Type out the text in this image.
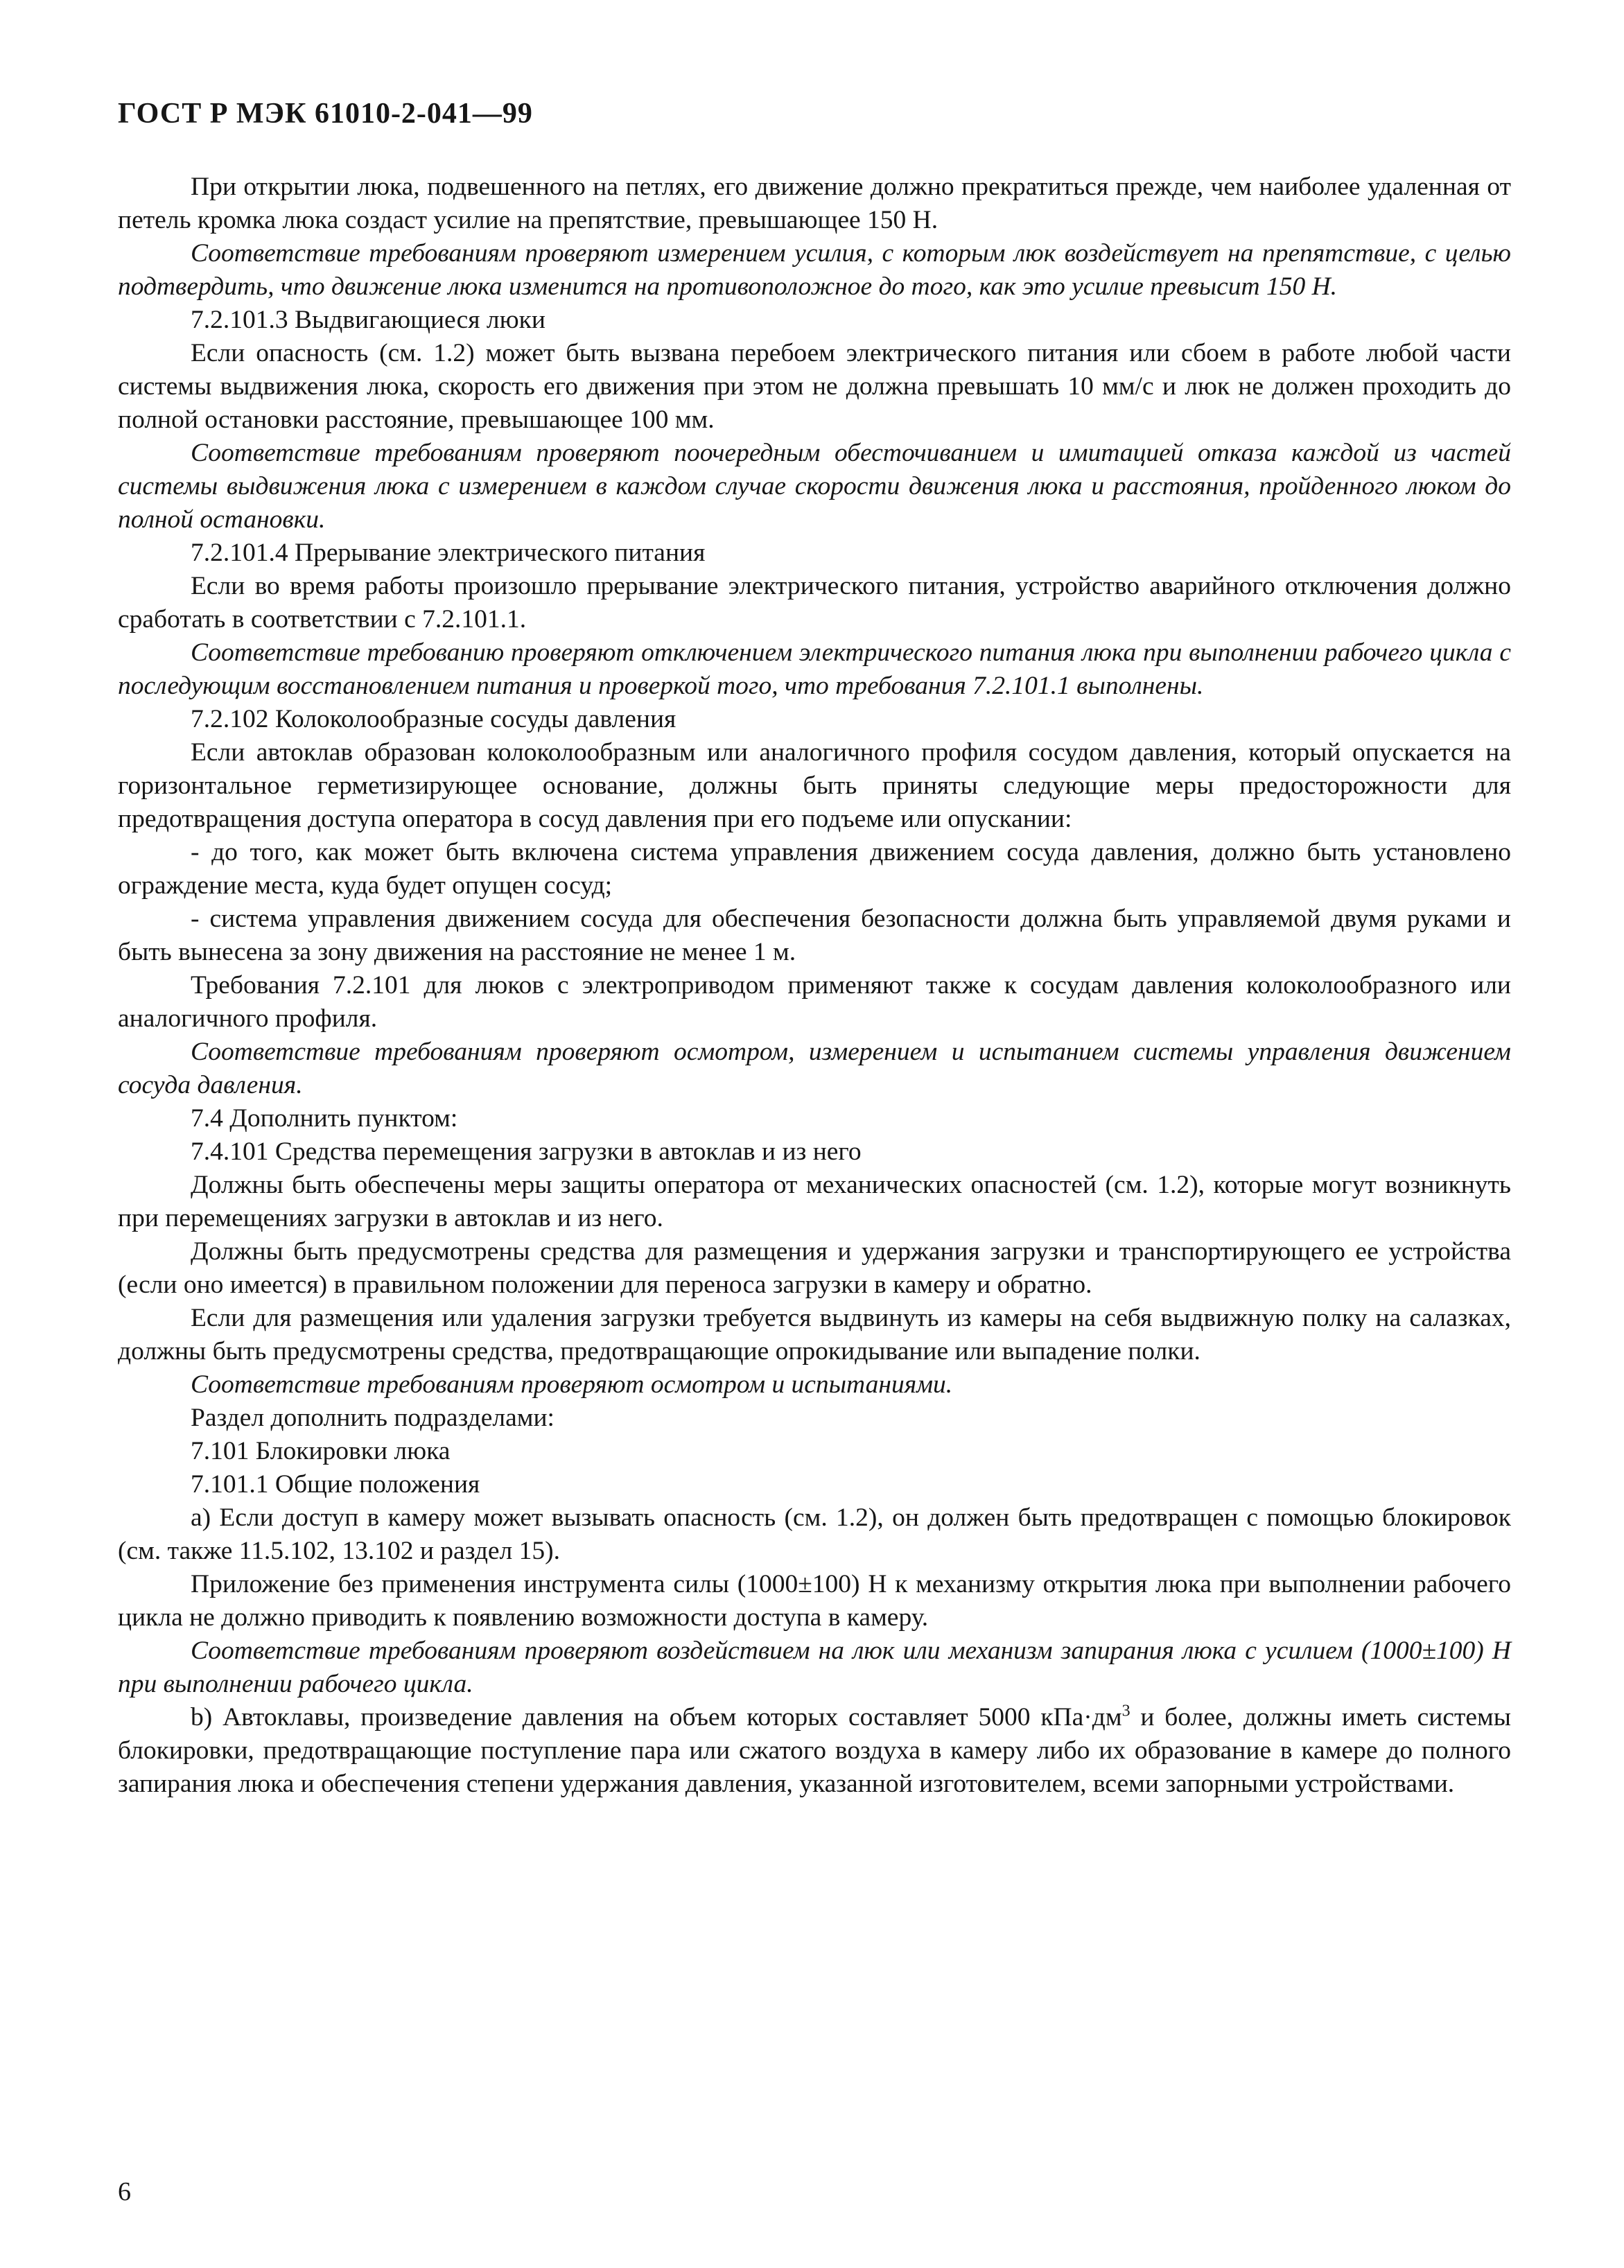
ГОСТ Р МЭК 61010-2-041—99

При открытии люка, подвешенного на петлях, его движение должно прекратиться прежде, чем наиболее удаленная от петель кромка люка создаст усилие на препятствие, превышающее 150 Н.

Соответствие требованиям проверяют измерением усилия, с которым люк воздействует на препятствие, с целью подтвердить, что движение люка изменится на противоположное до того, как это усилие превысит 150 Н.

7.2.101.3 Выдвигающиеся люки

Если опасность (см. 1.2) может быть вызвана перебоем электрического питания или сбоем в работе любой части системы выдвижения люка, скорость его движения при этом не должна превышать 10 мм/с и люк не должен проходить до полной остановки расстояние, превышающее 100 мм.

Соответствие требованиям проверяют поочередным обесточиванием и имитацией отказа каждой из частей системы выдвижения люка с измерением в каждом случае скорости движения люка и расстояния, пройденного люком до полной остановки.

7.2.101.4 Прерывание электрического питания

Если во время работы произошло прерывание электрического питания, устройство аварийного отключения должно сработать в соответствии с 7.2.101.1.

Соответствие требованию проверяют отключением электрического питания люка при выполнении рабочего цикла с последующим восстановлением питания и проверкой того, что требования 7.2.101.1 выполнены.

7.2.102 Колоколообразные сосуды давления

Если автоклав образован колоколообразным или аналогичного профиля сосудом давления, который опускается на горизонтальное герметизирующее основание, должны быть приняты следующие меры предосторожности для предотвращения доступа оператора в сосуд давления при его подъеме или опускании:

- до того, как может быть включена система управления движением сосуда давления, должно быть установлено ограждение места, куда будет опущен сосуд;

- система управления движением сосуда для обеспечения безопасности должна быть управляемой двумя руками и быть вынесена за зону движения на расстояние не менее 1 м.

Требования 7.2.101 для люков с электроприводом применяют также к сосудам давления колоколообразного или аналогичного профиля.

Соответствие требованиям проверяют осмотром, измерением и испытанием системы управления движением сосуда давления.

7.4 Дополнить пунктом:

7.4.101 Средства перемещения загрузки в автоклав и из него

Должны быть обеспечены меры защиты оператора от механических опасностей (см. 1.2), которые могут возникнуть при перемещениях загрузки в автоклав и из него.

Должны быть предусмотрены средства для размещения и удержания загрузки и транспортирующего ее устройства (если оно имеется) в правильном положении для переноса загрузки в камеру и обратно.

Если для размещения или удаления загрузки требуется выдвинуть из камеры на себя выдвижную полку на салазках, должны быть предусмотрены средства, предотвращающие опрокидывание или выпадение полки.

Соответствие требованиям проверяют осмотром и испытаниями.

Раздел дополнить подразделами:

7.101 Блокировки люка

7.101.1 Общие положения

a) Если доступ в камеру может вызывать опасность (см. 1.2), он должен быть предотвращен с помощью блокировок (см. также 11.5.102, 13.102 и раздел 15).

Приложение без применения инструмента силы (1000±100) Н к механизму открытия люка при выполнении рабочего цикла не должно приводить к появлению возможности доступа в камеру.

Соответствие требованиям проверяют воздействием на люк или механизм запирания люка с усилием (1000±100) Н при выполнении рабочего цикла.

b) Автоклавы, произведение давления на объем которых составляет 5000 $кПа\cdot дм^3$ и более, должны иметь системы блокировки, предотвращающие поступление пара или сжатого воздуха в камеру либо их образование в камере до полного запирания люка и обеспечения степени удержания давления, указанной изготовителем, всеми запорными устройствами.

6
